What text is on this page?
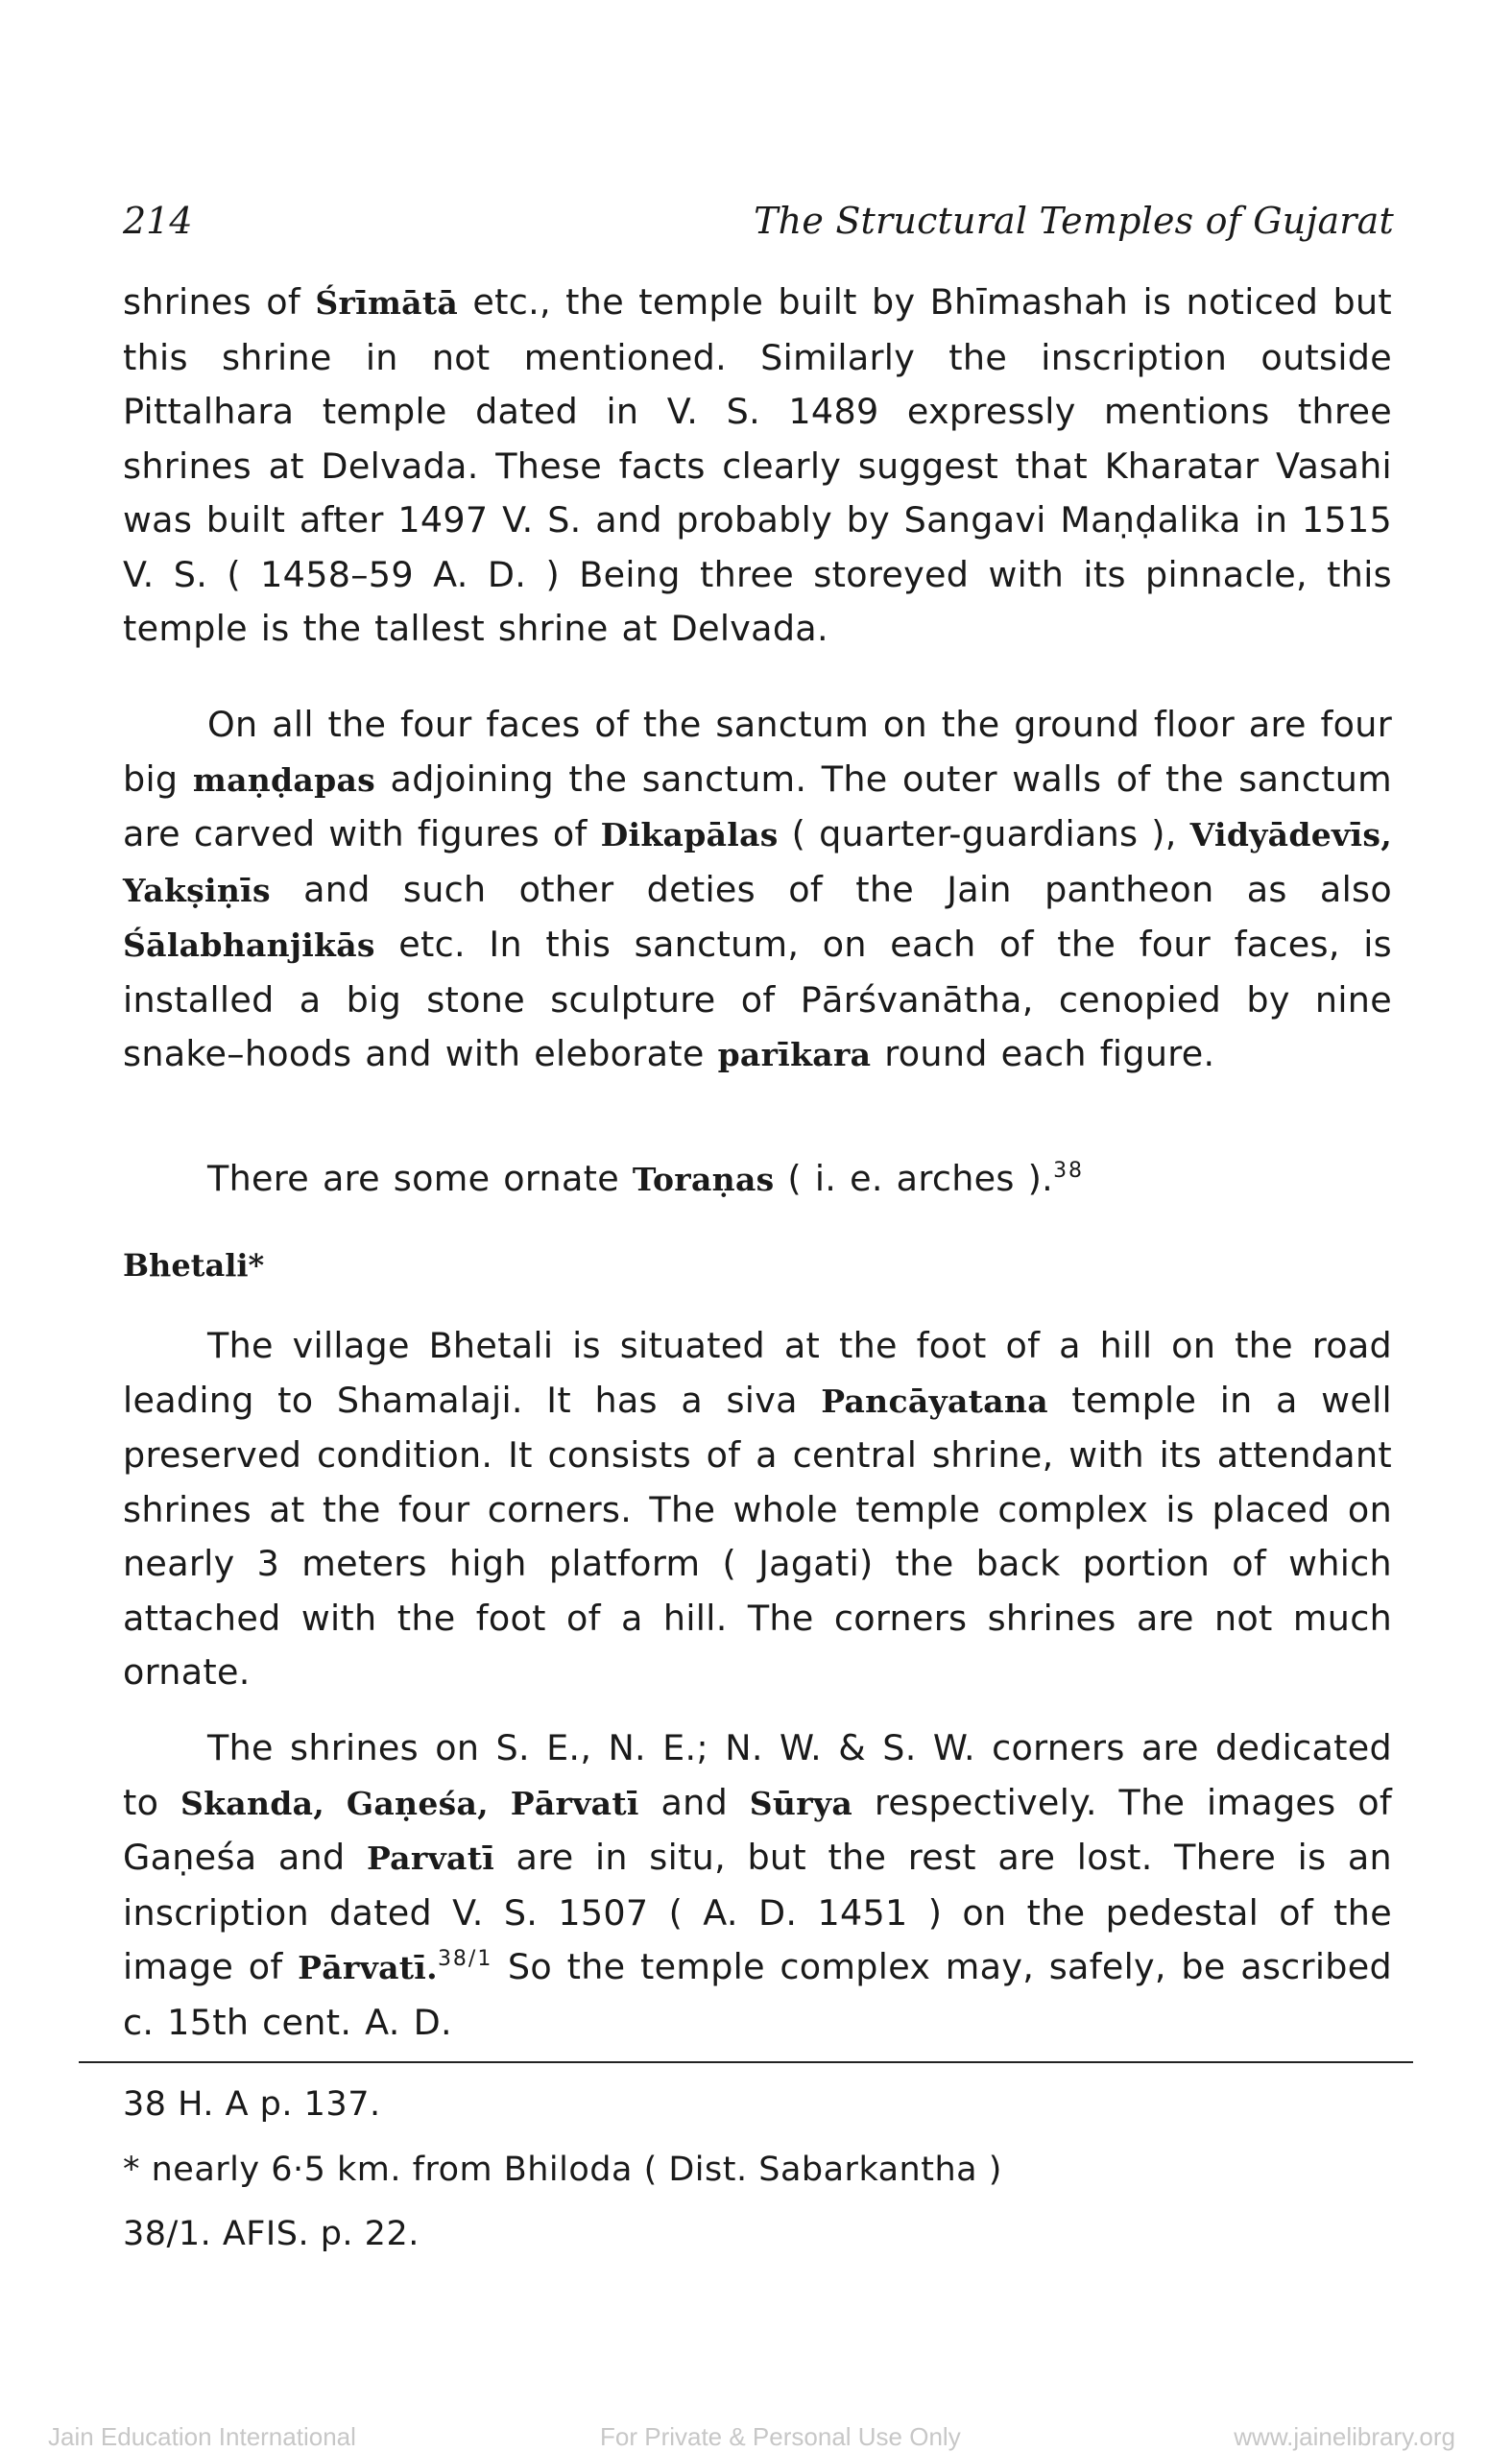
214	The Structural Temples of Gujarat

shrines of Śrīmātā etc., the temple built by Bhīmashah is noticed but this shrine in not mentioned. Similarly the inscription outside Pittalhara temple dated in V. S. 1489 expressly mentions three shrines at Delvada. These facts clearly suggest that Kharatar Vasahi was built after 1497 V. S. and probably by Sangavi Maṇḍalika in 1515 V. S. ( 1458–59 A. D. ) Being three storeyed with its pinnacle, this temple is the tallest shrine at Delvada.

On all the four faces of the sanctum on the ground floor are four big maṇḍapas adjoining the sanctum. The outer walls of the sanctum are carved with figures of Dikapālas ( quarter-guardians ), Vidyādevīs, Yakṣiṇīs and such other deties of the Jain pantheon as also Śālabhanjikās etc. In this sanctum, on each of the four faces, is installed a big stone sculpture of Pārśvanātha, cenopied by nine snake–hoods and with eleborate parīkara round each figure.

There are some ornate Toraṇas ( i. e. arches ).$^{38}$

Bhetali*

The village Bhetali is situated at the foot of a hill on the road leading to Shamalaji. It has a siva Pancāyatana temple in a well preserved condition. It consists of a central shrine, with its attendant shrines at the four corners. The whole temple complex is placed on nearly 3 meters high platform ( Jagati) the back portion of which attached with the foot of a hill. The corners shrines are not much ornate.

The shrines on S. E., N. E.; N. W. & S. W. corners are dedicated to Skanda, Gaṇeśa, Pārvatī and Sūrya respectively. The images of Gaṇeśa and Parvatī are in situ, but the rest are lost. There is an inscription dated V. S. 1507 ( A. D. 1451 ) on the pedestal of the image of Pārvatī.$^{38/1}$ So the temple complex may, safely, be ascribed c. 15th cent. A. D.

38 H. A p. 137.
* nearly 6·5 km. from Bhiloda ( Dist. Sabarkantha )
38/1. AFIS. p. 22.
Jain Education International	For Private & Personal Use Only	www.jainelibrary.org
